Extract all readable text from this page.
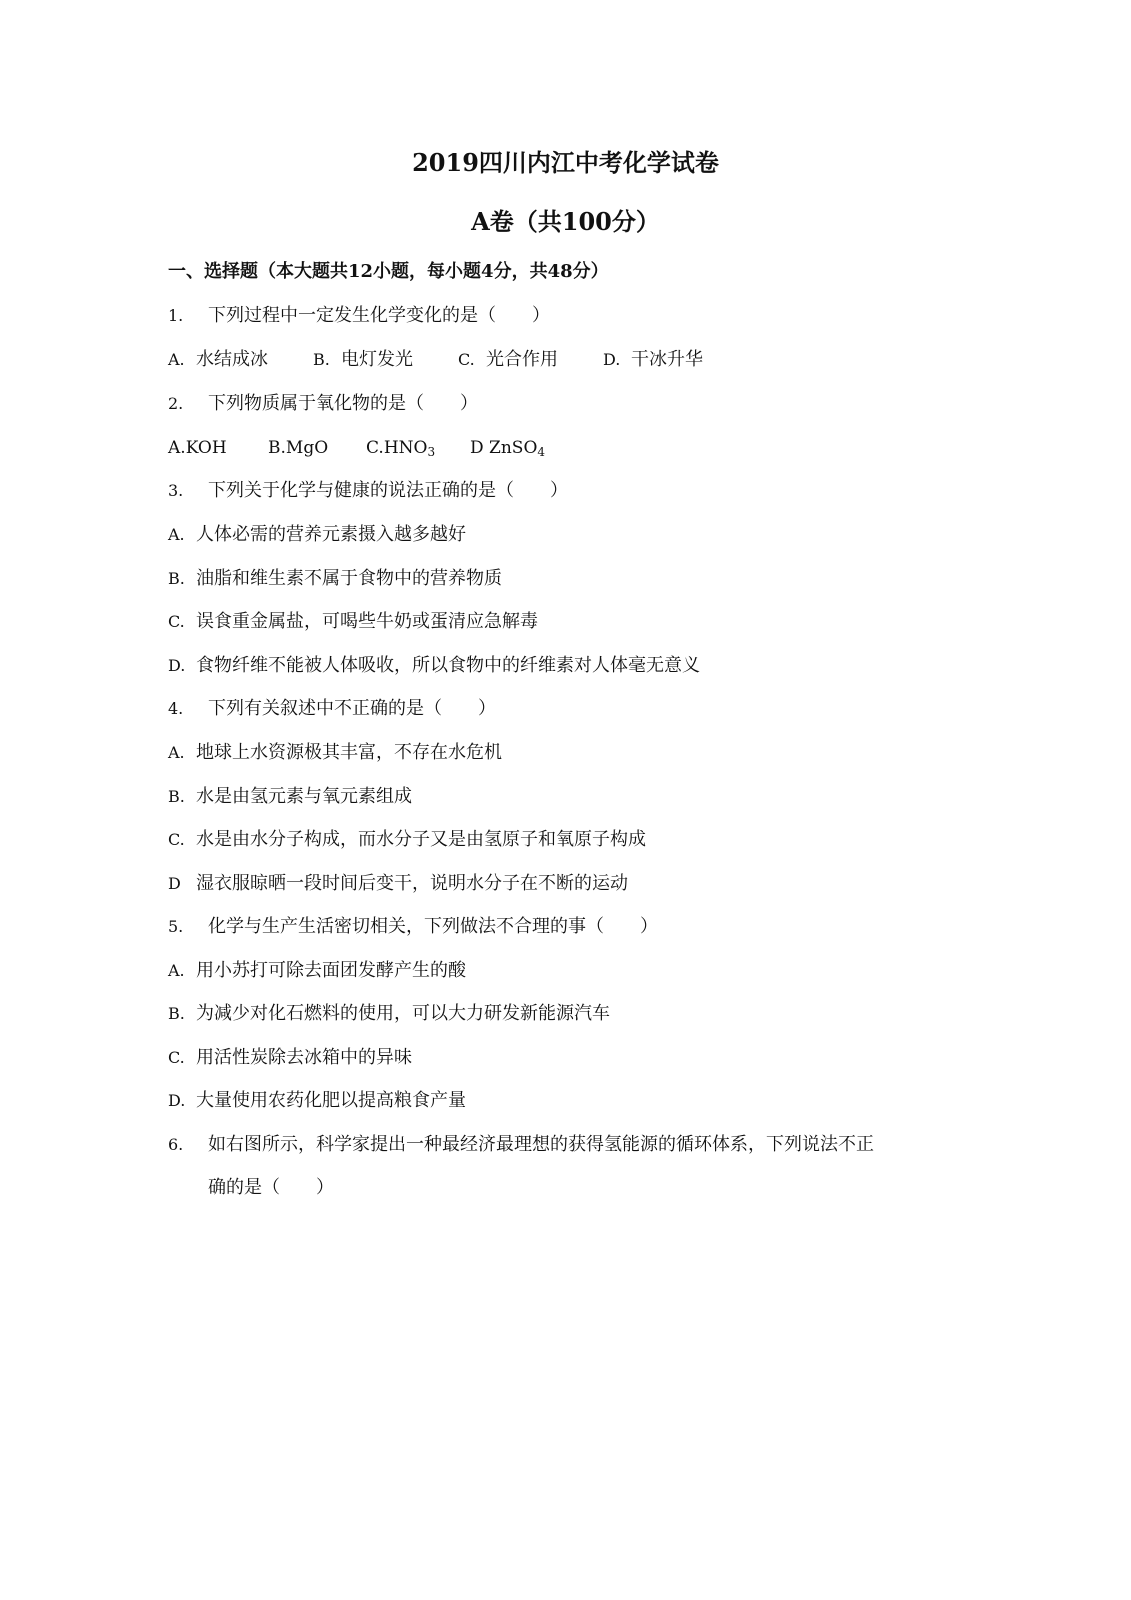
2019四川内江中考化学试卷
A卷（共100分）
一、选择题（本大题共12小题，每小题4分，共48分）
1. 下列过程中一定发生化学变化的是（　　）
A. 水结成冰	B. 电灯发光	C. 光合作用	D. 干冰升华
2. 下列物质属于氧化物的是（　　）
A.KOH B.MgO $C.HNO_3$ D ZnSO$_4$
3. 下列关于化学与健康的说法正确的是（　　）
A. 人体必需的营养元素摄入越多越好
B. 油脂和维生素不属于食物中的营养物质
C. 误食重金属盐，可喝些牛奶或蛋清应急解毒
D. 食物纤维不能被人体吸收，所以食物中的纤维素对人体毫无意义
4. 下列有关叙述中不正确的是（　　）
A. 地球上水资源极其丰富，不存在水危机
B. 水是由氢元素与氧元素组成
C. 水是由水分子构成，而水分子又是由氢原子和氧原子构成
D 湿衣服晾晒一段时间后变干，说明水分子在不断的运动
5. 化学与生产生活密切相关，下列做法不合理的事（　　）
A. 用小苏打可除去面团发酵产生的酸
B. 为减少对化石燃料的使用，可以大力研发新能源汽车
C. 用活性炭除去冰箱中的异味
D. 大量使用农药化肥以提高粮食产量
6. 如右图所示，科学家提出一种最经济最理想的获得氢能源的循环体系，下列说法不正
确的是（　　）
